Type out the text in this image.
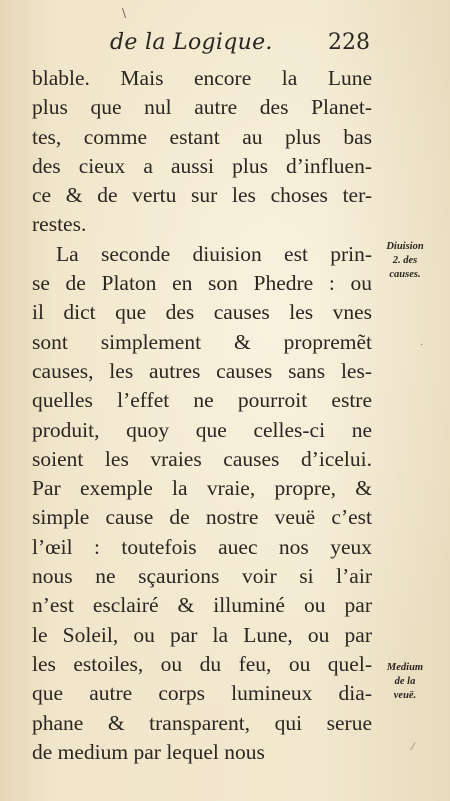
\
de la Logique.	228
blable. Mais encore la Lune
plus que nul autre des Planet-
tes, comme estant au plus bas
des cieux a aussi plus d’influen-
ce & de vertu sur les choses ter-
restes.
La seconde diuision est prin-
se de Platon en son Phedre : ou
il dict que des causes les vnes
sont simplement & propremẽt
causes, les autres causes sans les-
quelles l’effet ne pourroit estre
produit, quoy que celles-ci ne
soient les vraies causes d’icelui.
Par exemple la vraie, propre, &
simple cause de nostre veuë c’est
l’œil : toutefois auec nos yeux
nous ne sçaurions voir si l’air
n’est esclairé & illuminé ou par
le Soleil, ou par la Lune, ou par
les estoiles, ou du feu, ou quel-
que autre corps lumineux dia-
phane & transparent, qui serue
de medium par lequel nous
Diuision
2. des
causes.
Medium
de la
veuë.
·
⁄
